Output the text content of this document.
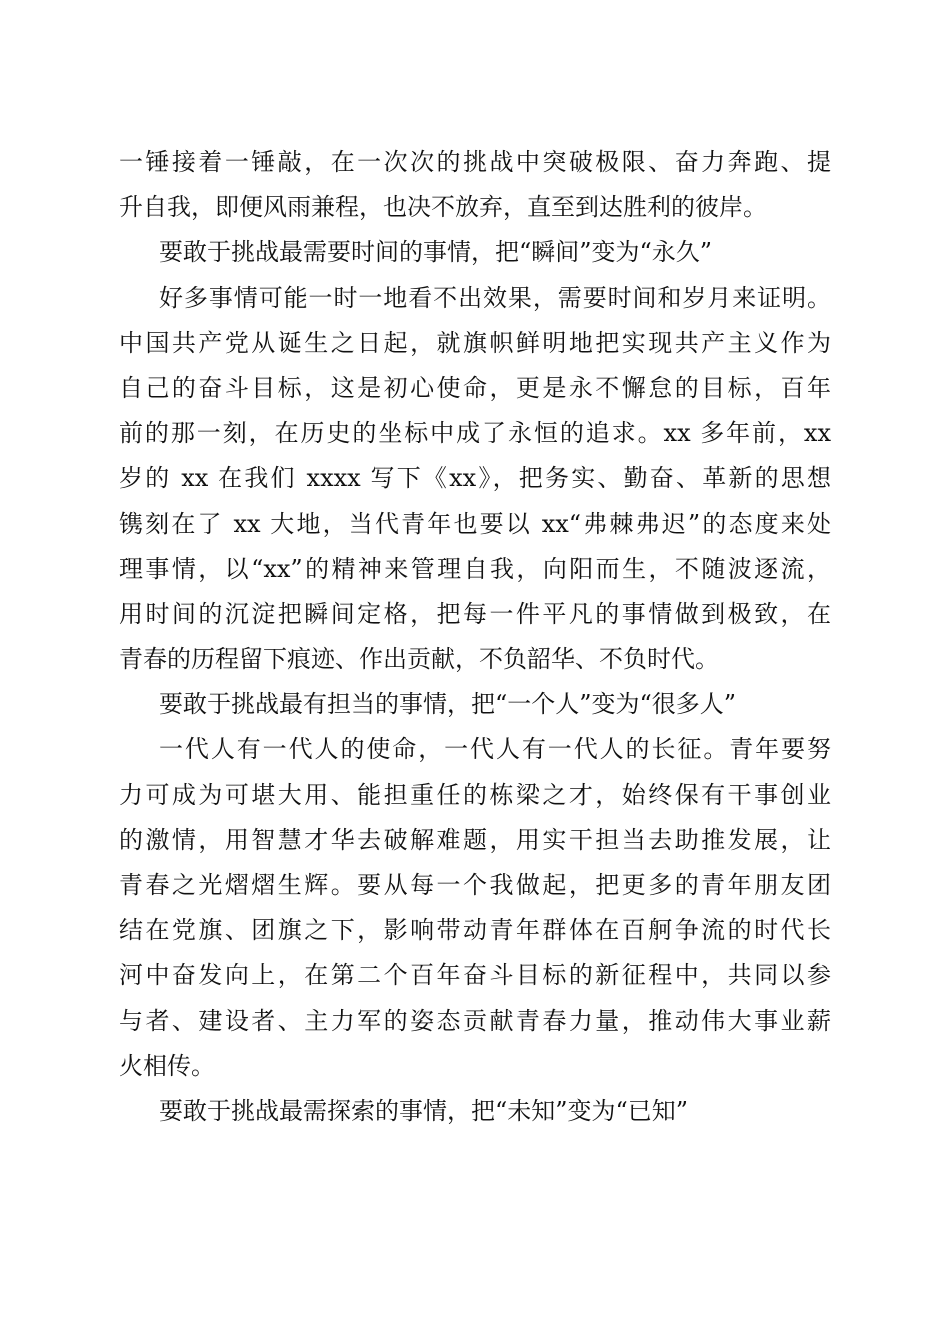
一锤接着一锤敲，在一次次的挑战中突破极限、奋力奔跑、提
升自我，即便风雨兼程，也决不放弃，直至到达胜利的彼岸。
要敢于挑战最需要时间的事情，把“瞬间”变为“永久”
好多事情可能一时一地看不出效果，需要时间和岁月来证明。
中国共产党从诞生之日起，就旗帜鲜明地把实现共产主义作为
自己的奋斗目标，这是初心使命，更是永不懈怠的目标，百年
前的那一刻，在历史的坐标中成了永恒的追求。xx 多年前，xx
岁的 xx 在我们 xxxx 写下《xx》，把务实、勤奋、革新的思想
镌刻在了 xx 大地，当代青年也要以 xx“弗棘弗迟”的态度来处
理事情，以“xx”的精神来管理自我，向阳而生，不随波逐流，
用时间的沉淀把瞬间定格，把每一件平凡的事情做到极致，在
青春的历程留下痕迹、作出贡献，不负韶华、不负时代。
要敢于挑战最有担当的事情，把“一个人”变为“很多人”
一代人有一代人的使命，一代人有一代人的长征。青年要努
力可成为可堪大用、能担重任的栋梁之才，始终保有干事创业
的激情，用智慧才华去破解难题，用实干担当去助推发展，让
青春之光熠熠生辉。要从每一个我做起，把更多的青年朋友团
结在党旗、团旗之下，影响带动青年群体在百舸争流的时代长
河中奋发向上，在第二个百年奋斗目标的新征程中，共同以参
与者、建设者、主力军的姿态贡献青春力量，推动伟大事业薪
火相传。
要敢于挑战最需探索的事情，把“未知”变为“已知”
